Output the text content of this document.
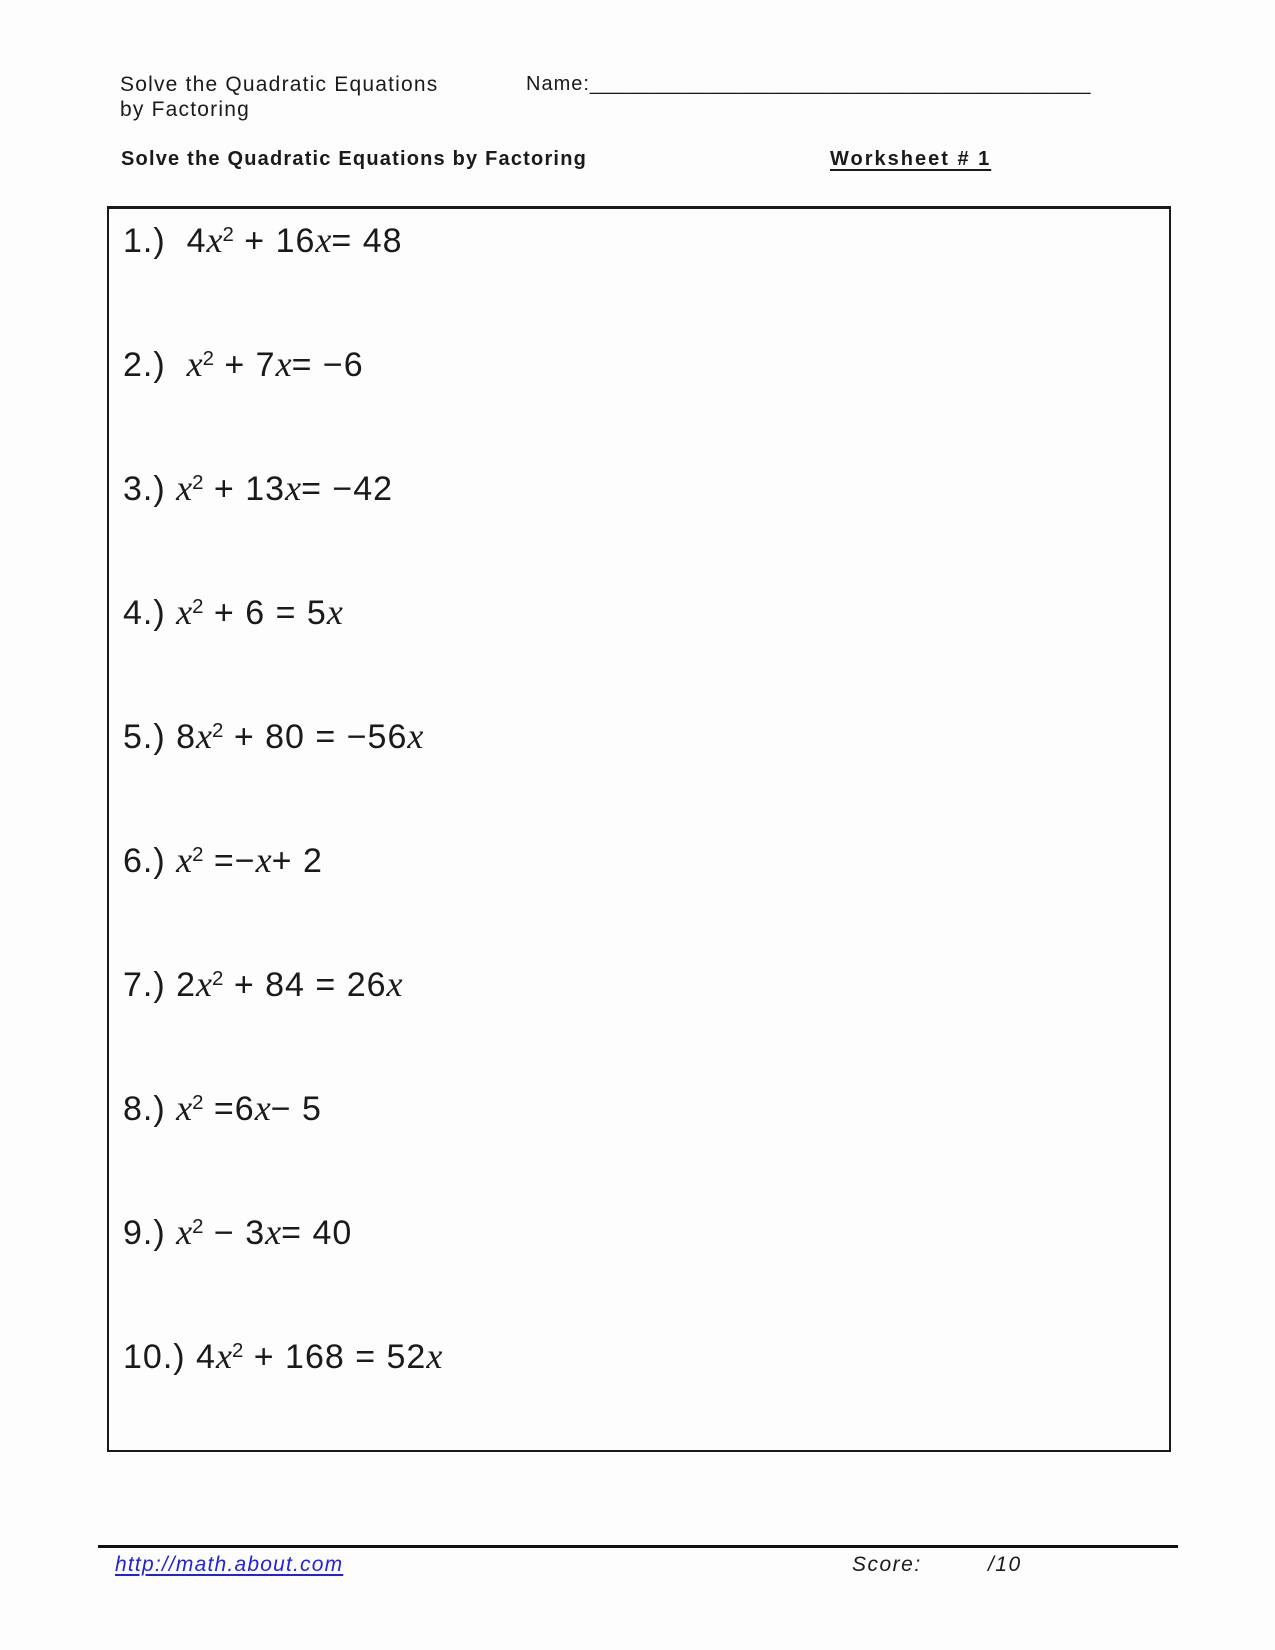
Solve the Quadratic Equations
by Factoring
Name:_____________________________________________
Solve the Quadratic Equations by Factoring	Worksheet # 1
1.)  $4x^2 + 16x= 48$
2.) $x^2 + 7x= -6$
3.) $x^2 + 13x= -42$
4.) $x^2 + 6 = 5x$
5.) $8x^2 + 80 = -56x$
6.) $x^2 =-x+ 2$
7.) $2x^2 + 84 = 26x$
8.) $x^2 =6x- 5$
9.) $x^2 - 3x= 40$
10.) $4x^2 + 168 = 52x$
http://math.about.com	Score:	/10
